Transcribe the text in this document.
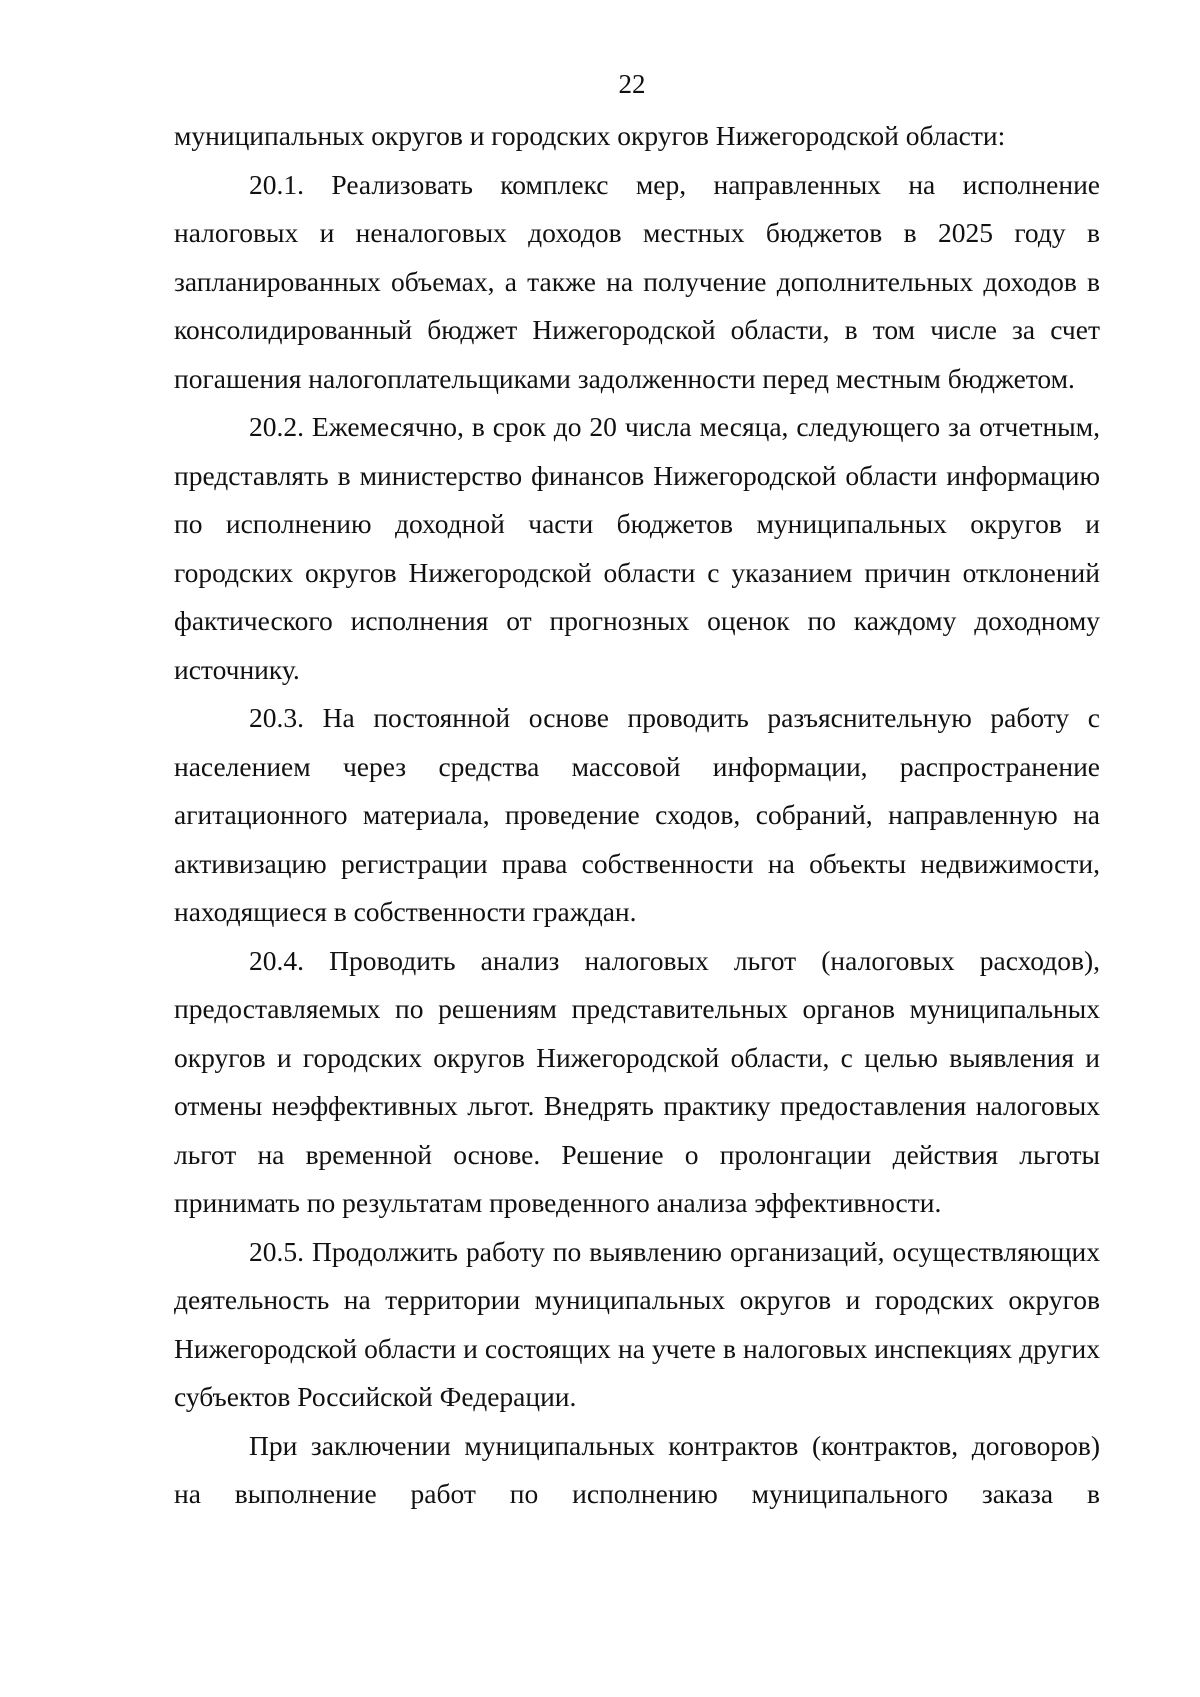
22

муниципальных округов и городских округов Нижегородской области:

20.1. Реализовать комплекс мер, направленных на исполнение налоговых и неналоговых доходов местных бюджетов в 2025 году в запланированных объемах, а также на получение дополнительных доходов в консолидированный бюджет Нижегородской области, в том числе за счет погашения налогоплательщиками задолженности перед местным бюджетом.

20.2. Ежемесячно, в срок до 20 числа месяца, следующего за отчетным, представлять в министерство финансов Нижегородской области информацию по исполнению доходной части бюджетов муниципальных округов и городских округов Нижегородской области с указанием причин отклонений фактического исполнения от прогнозных оценок по каждому доходному источнику.

20.3. На постоянной основе проводить разъяснительную работу с населением через средства массовой информации, распространение агитационного материала, проведение сходов, собраний, направленную на активизацию регистрации права собственности на объекты недвижимости, находящиеся в собственности граждан.

20.4. Проводить анализ налоговых льгот (налоговых расходов), предоставляемых по решениям представительных органов муниципальных округов и городских округов Нижегородской области, с целью выявления и отмены неэффективных льгот. Внедрять практику предоставления налоговых льгот на временной основе. Решение о пролонгации действия льготы принимать по результатам проведенного анализа эффективности.

20.5. Продолжить работу по выявлению организаций, осуществляющих деятельность на территории муниципальных округов и городских округов Нижегородской области и состоящих на учете в налоговых инспекциях других субъектов Российской Федерации.

При заключении муниципальных контрактов (контрактов, договоров) на выполнение работ по исполнению муниципального заказа в
